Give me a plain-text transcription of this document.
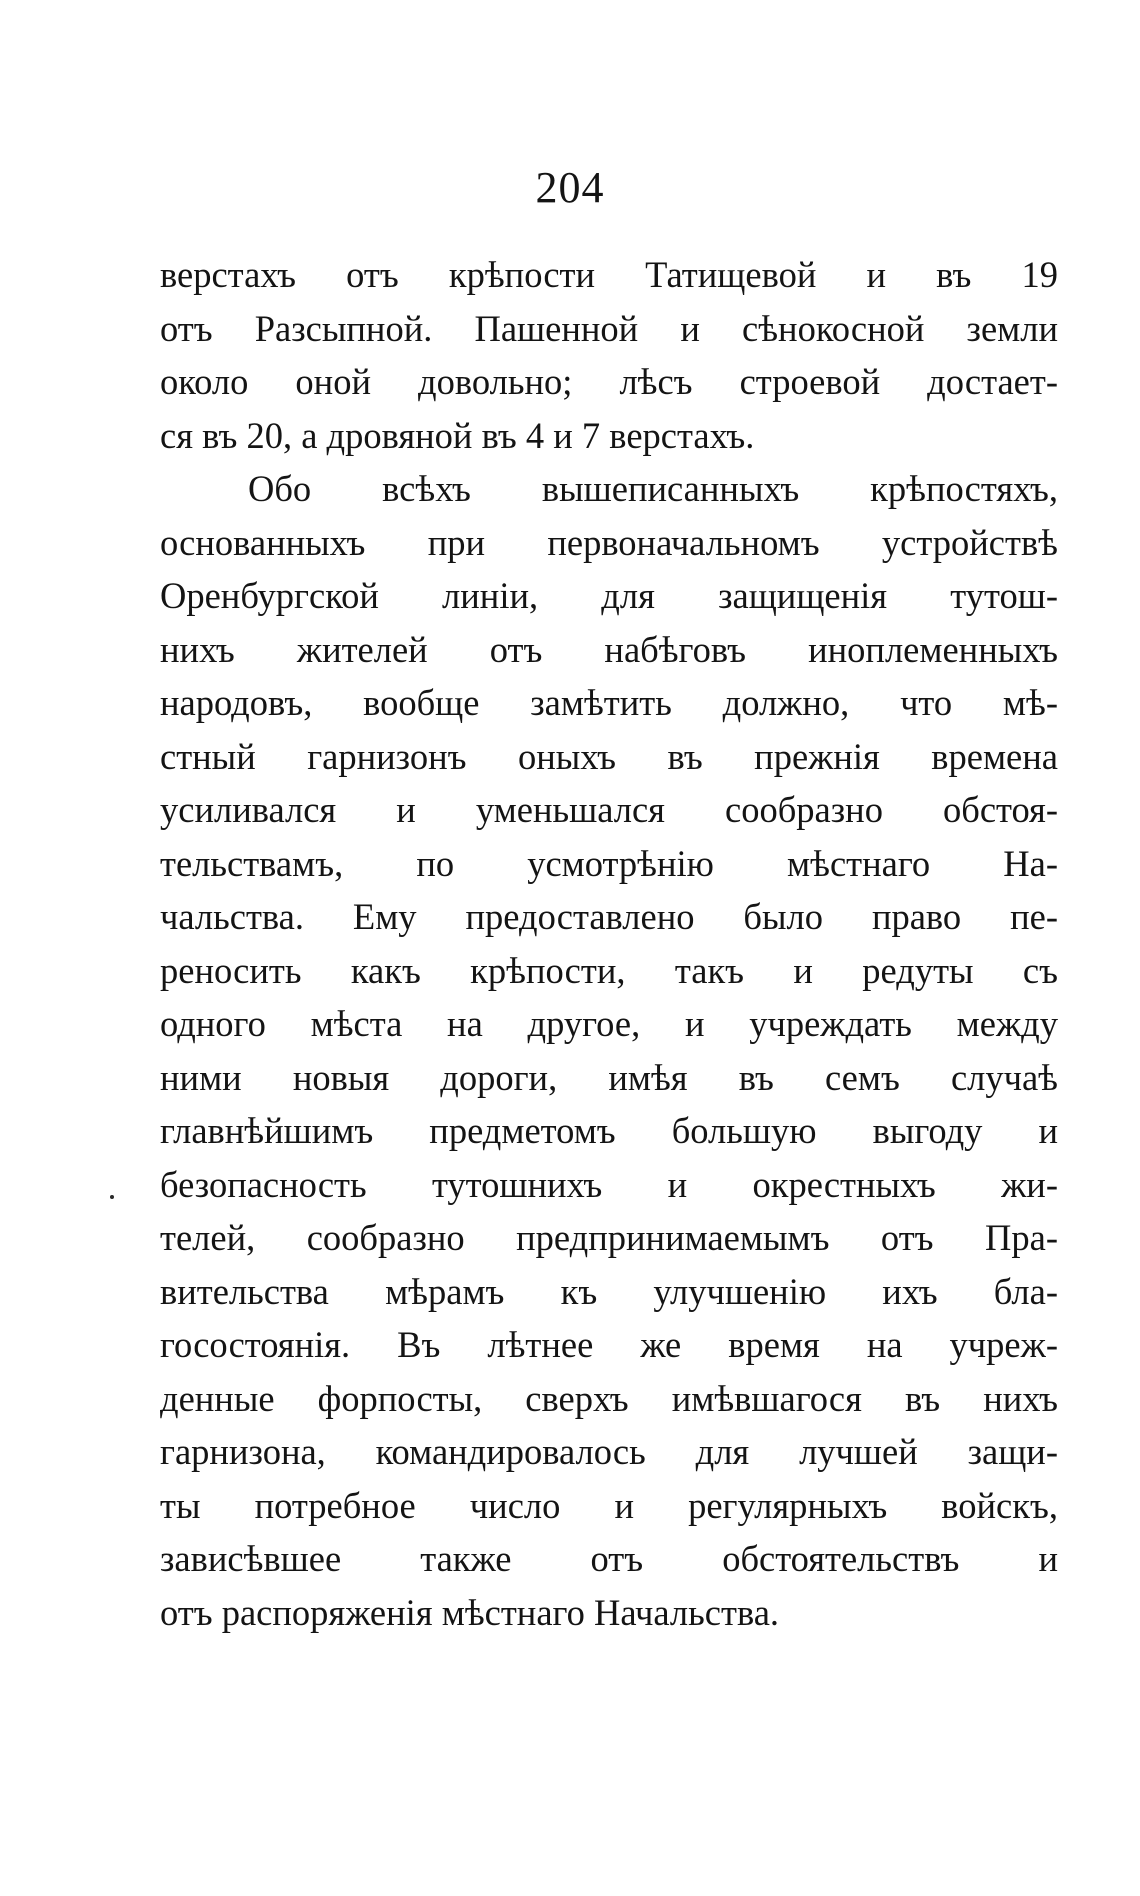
204
верстахъ отъ крѣпости Татищевой и въ 19
отъ Разсыпной. Пашенной и сѣнокосной земли
около оной довольно; лѣсъ строевой достает-
ся въ 20, а дровяной въ 4 и 7 верстахъ.
Обо всѣхъ вышеписанныхъ крѣпостяхъ,
основанныхъ при первоначальномъ устройствѣ
Оренбургской линіи, для защищенія тутош-
нихъ жителей отъ набѣговъ иноплеменныхъ
народовъ, вообще замѣтить должно, что мѣ-
стный гарнизонъ оныхъ въ прежнія времена
усиливался и уменьшался сообразно обстоя-
тельствамъ, по усмотрѣнію мѣстнаго На-
чальства. Ему предоставлено было право пе-
реносить какъ крѣпости, такъ и редуты съ
одного мѣста на другое, и учреждать между
ними новыя дороги, имѣя въ семъ случаѣ
главнѣйшимъ предметомъ большую выгоду и
безопасность тутошнихъ и окрестныхъ жи-
телей, сообразно предпринимаемымъ отъ Пра-
вительства мѣрамъ къ улучшенію ихъ бла-
госостоянія. Въ лѣтнее же время на учреж-
денные форпосты, сверхъ имѣвшагося въ нихъ
гарнизона, командировалось для лучшей защи-
ты потребное число и регулярныхъ войскъ,
зависѣвшее также отъ обстоятельствъ и
отъ распоряженія мѣстнаго Начальства.
